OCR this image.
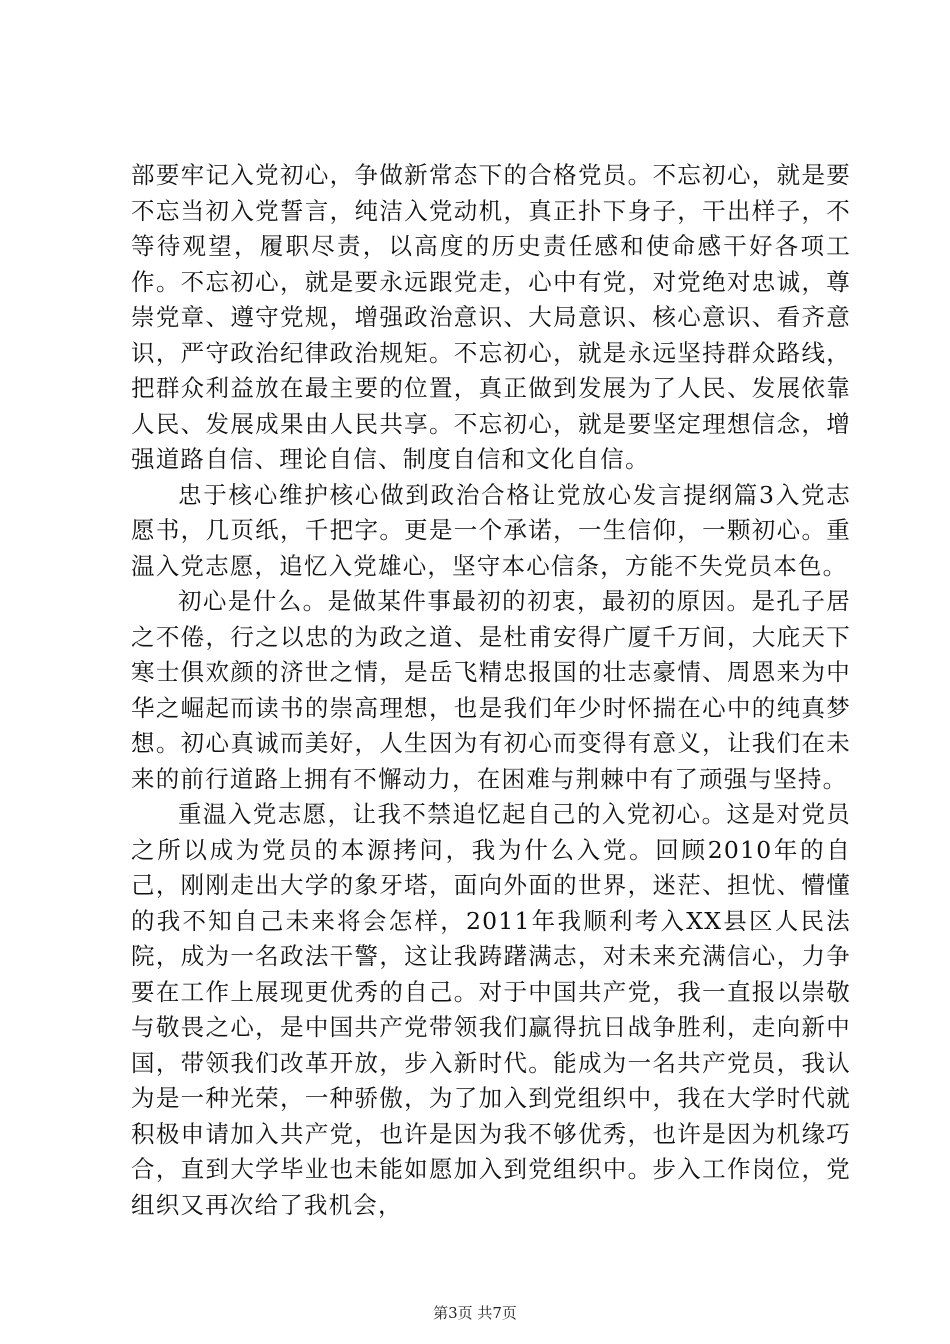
部要牢记入党初心，争做新常态下的合格党员。不忘初心，就是要不忘当初入党誓言，纯洁入党动机，真正扑下身子，干出样子，不等待观望，履职尽责，以高度的历史责任感和使命感干好各项工作。不忘初心，就是要永远跟党走，心中有党，对党绝对忠诚，尊崇党章、遵守党规，增强政治意识、大局意识、核心意识、看齐意识，严守政治纪律政治规矩。不忘初心，就是永远坚持群众路线，把群众利益放在最主要的位置，真正做到发展为了人民、发展依靠人民、发展成果由人民共享。不忘初心，就是要坚定理想信念，增强道路自信、理论自信、制度自信和文化自信。

忠于核心维护核心做到政治合格让党放心发言提纲篇3入党志愿书，几页纸，千把字。更是一个承诺，一生信仰，一颗初心。重温入党志愿，追忆入党雄心，坚守本心信条，方能不失党员本色。

初心是什么。是做某件事最初的初衷，最初的原因。是孔子居之不倦，行之以忠的为政之道、是杜甫安得广厦千万间，大庇天下寒士俱欢颜的济世之情，是岳飞精忠报国的壮志豪情、周恩来为中华之崛起而读书的崇高理想，也是我们年少时怀揣在心中的纯真梦想。初心真诚而美好，人生因为有初心而变得有意义，让我们在未来的前行道路上拥有不懈动力，在困难与荆棘中有了顽强与坚持。

重温入党志愿，让我不禁追忆起自己的入党初心。这是对党员之所以成为党员的本源拷问，我为什么入党。回顾2010年的自己，刚刚走出大学的象牙塔，面向外面的世界，迷茫、担忧、懵懂的我不知自己未来将会怎样，2011年我顺利考入XX县区人民法院，成为一名政法干警，这让我踌躇满志，对未来充满信心，力争要在工作上展现更优秀的自己。对于中国共产党，我一直报以崇敬与敬畏之心，是中国共产党带领我们赢得抗日战争胜利，走向新中国，带领我们改革开放，步入新时代。能成为一名共产党员，我认为是一种光荣，一种骄傲，为了加入到党组织中，我在大学时代就积极申请加入共产党，也许是因为我不够优秀，也许是因为机缘巧合，直到大学毕业也未能如愿加入到党组织中。步入工作岗位，党组织又再次给了我机会，

第3页 共7页
